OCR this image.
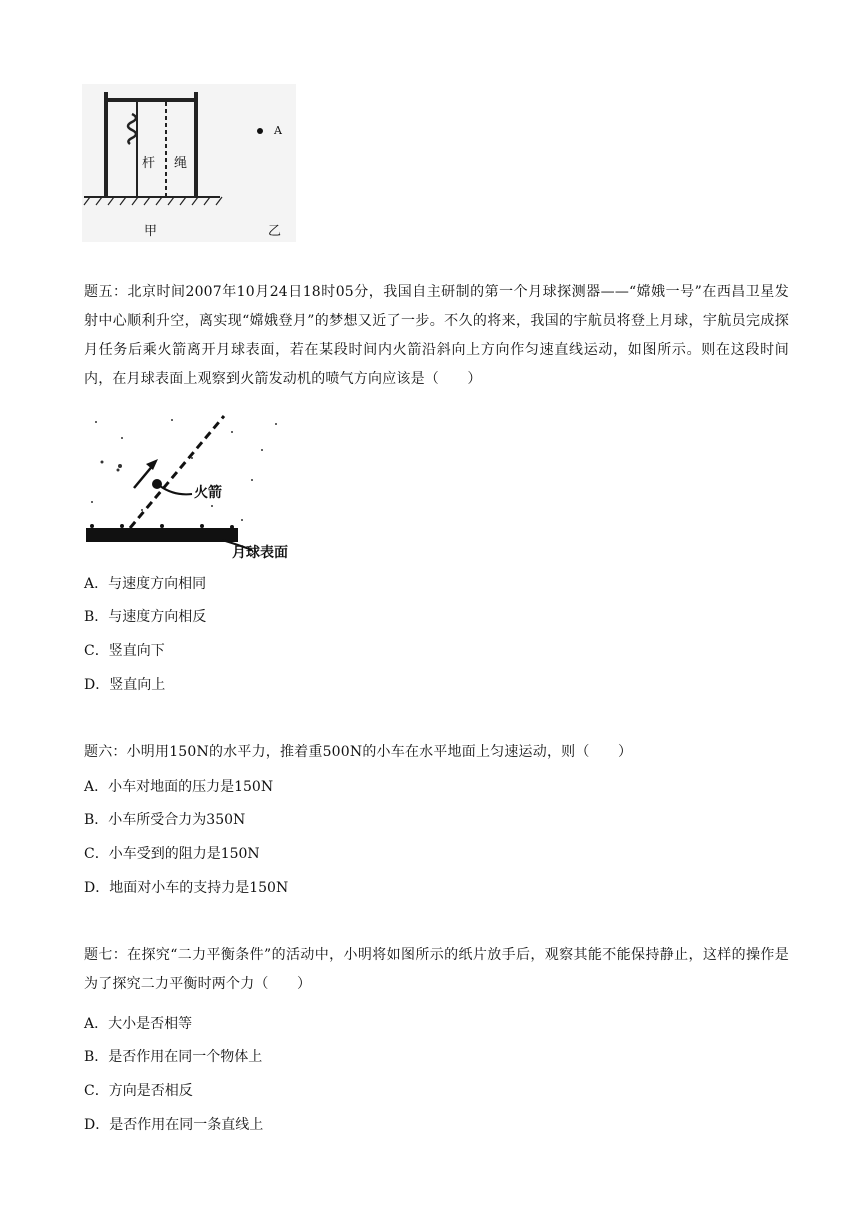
杆 绳
A
甲	乙
题五：北京时间2007年10月24日18时05分，我国自主研制的第一个月球探测器——“嫦娥一号”在西昌卫星发射中心顺利升空，离实现“嫦娥登月”的梦想又近了一步。不久的将来，我国的宇航员将登上月球，宇航员完成探月任务后乘火箭离开月球表面，若在某段时间内火箭沿斜向上方向作匀速直线运动，如图所示。则在这段时间内，在月球表面上观察到火箭发动机的喷气方向应该是（　　）
火箭
月球表面
A．与速度方向相同
B．与速度方向相反
C．竖直向下
D．竖直向上
题六：小明用150N的水平力，推着重500N的小车在水平地面上匀速运动，则（　　）
A．小车对地面的压力是150N
B．小车所受合力为350N
C．小车受到的阻力是150N
D．地面对小车的支持力是150N
题七：在探究“二力平衡条件”的活动中，小明将如图所示的纸片放手后，观察其能不能保持静止，这样的操作是为了探究二力平衡时两个力（　　）
A．大小是否相等
B．是否作用在同一个物体上
C．方向是否相反
D．是否作用在同一条直线上
